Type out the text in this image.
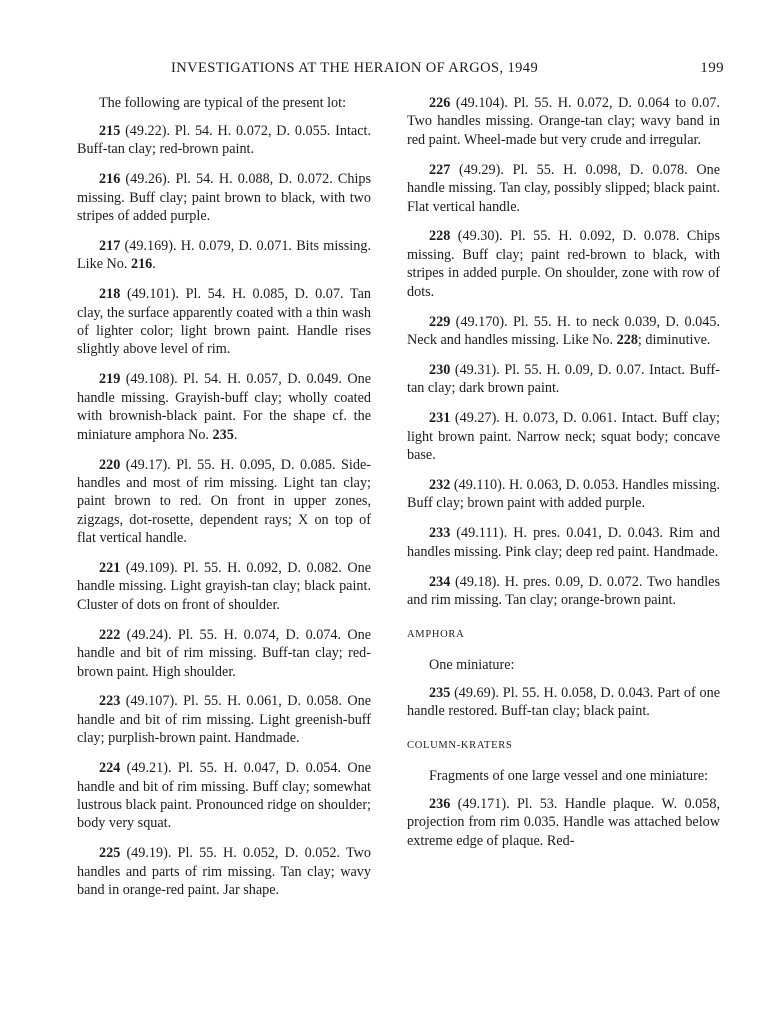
INVESTIGATIONS AT THE HERAION OF ARGOS, 1949	199

The following are typical of the present lot:

215 (49.22). Pl. 54. H. 0.072, D. 0.055. Intact. Buff-tan clay; red-brown paint.

216 (49.26). Pl. 54. H. 0.088, D. 0.072. Chips missing. Buff clay; paint brown to black, with two stripes of added purple.

217 (49.169). H. 0.079, D. 0.071. Bits missing. Like No. 216.

218 (49.101). Pl. 54. H. 0.085, D. 0.07. Tan clay, the surface apparently coated with a thin wash of lighter color; light brown paint. Handle rises slightly above level of rim.

219 (49.108). Pl. 54. H. 0.057, D. 0.049. One handle missing. Grayish-buff clay; wholly coated with brownish-black paint. For the shape cf. the miniature amphora No. 235.

220 (49.17). Pl. 55. H. 0.095, D. 0.085. Side-handles and most of rim missing. Light tan clay; paint brown to red. On front in upper zones, zigzags, dot-rosette, dependent rays; X on top of flat vertical handle.

221 (49.109). Pl. 55. H. 0.092, D. 0.082. One handle missing. Light grayish-tan clay; black paint. Cluster of dots on front of shoulder.

222 (49.24). Pl. 55. H. 0.074, D. 0.074. One handle and bit of rim missing. Buff-tan clay; red-brown paint. High shoulder.

223 (49.107). Pl. 55. H. 0.061, D. 0.058. One handle and bit of rim missing. Light greenish-buff clay; purplish-brown paint. Handmade.

224 (49.21). Pl. 55. H. 0.047, D. 0.054. One handle and bit of rim missing. Buff clay; somewhat lustrous black paint. Pronounced ridge on shoulder; body very squat.

225 (49.19). Pl. 55. H. 0.052, D. 0.052. Two handles and parts of rim missing. Tan clay; wavy band in orange-red paint. Jar shape.

226 (49.104). Pl. 55. H. 0.072, D. 0.064 to 0.07. Two handles missing. Orange-tan clay; wavy band in red paint. Wheel-made but very crude and irregular.

227 (49.29). Pl. 55. H. 0.098, D. 0.078. One handle missing. Tan clay, possibly slipped; black paint. Flat vertical handle.

228 (49.30). Pl. 55. H. 0.092, D. 0.078. Chips missing. Buff clay; paint red-brown to black, with stripes in added purple. On shoulder, zone with row of dots.

229 (49.170). Pl. 55. H. to neck 0.039, D. 0.045. Neck and handles missing. Like No. 228; diminutive.

230 (49.31). Pl. 55. H. 0.09, D. 0.07. Intact. Buff-tan clay; dark brown paint.

231 (49.27). H. 0.073, D. 0.061. Intact. Buff clay; light brown paint. Narrow neck; squat body; concave base.

232 (49.110). H. 0.063, D. 0.053. Handles missing. Buff clay; brown paint with added purple.

233 (49.111). H. pres. 0.041, D. 0.043. Rim and handles missing. Pink clay; deep red paint. Handmade.

234 (49.18). H. pres. 0.09, D. 0.072. Two handles and rim missing. Tan clay; orange-brown paint.

AMPHORA

One miniature:

235 (49.69). Pl. 55. H. 0.058, D. 0.043. Part of one handle restored. Buff-tan clay; black paint.

COLUMN-KRATERS

Fragments of one large vessel and one miniature:

236 (49.171). Pl. 53. Handle plaque. W. 0.058, projection from rim 0.035. Handle was attached below extreme edge of plaque. Red-
